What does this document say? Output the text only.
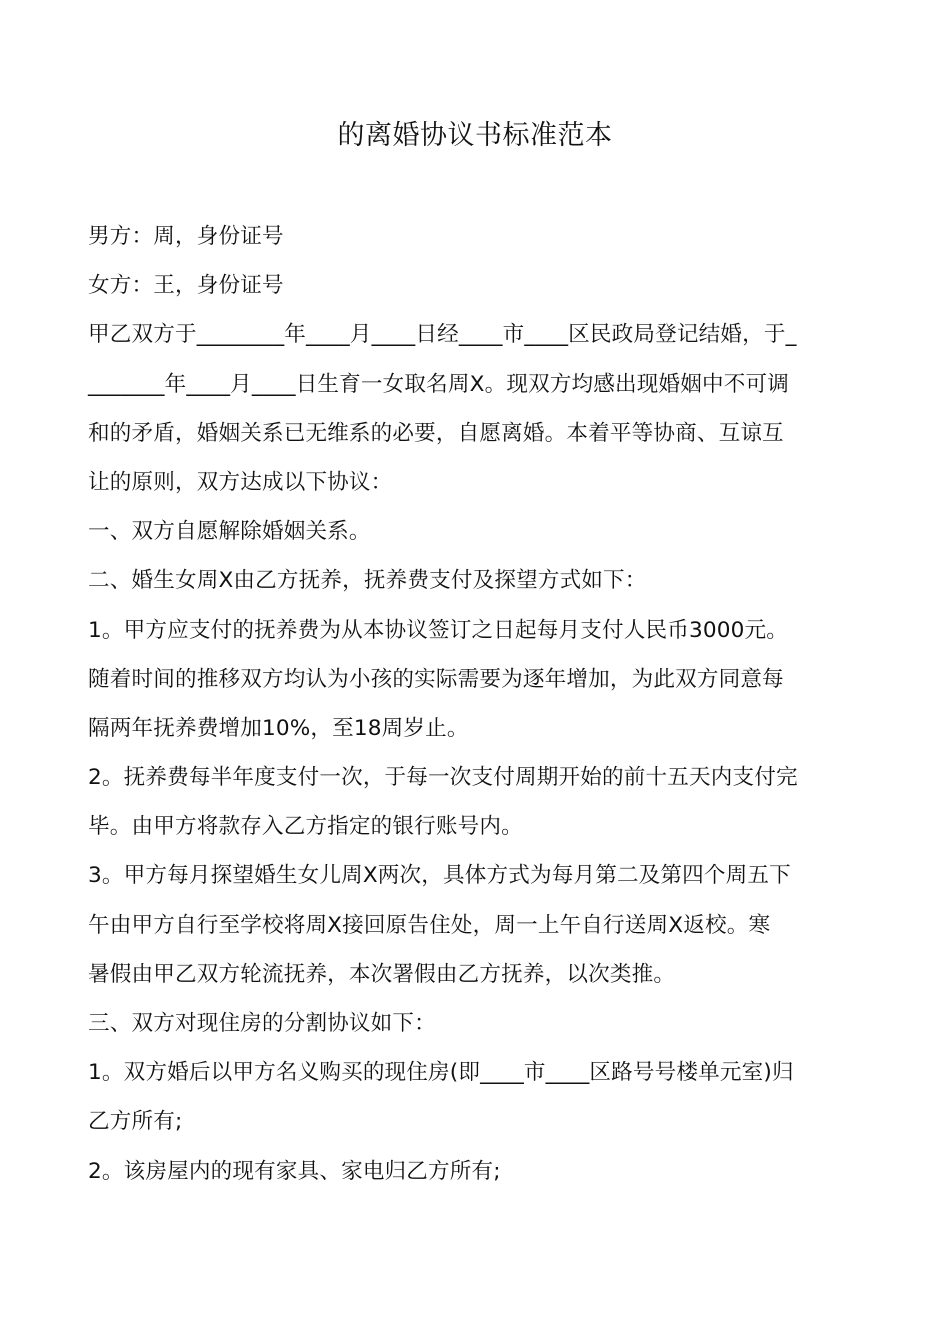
的离婚协议书标准范本
男方：周，身份证号
女方：王，身份证号
甲乙双方于________年____月____日经____市____区民政局登记结婚，于_
_______年____月____日生育一女取名周X。现双方均感出现婚姻中不可调
和的矛盾，婚姻关系已无维系的必要，自愿离婚。本着平等协商、互谅互
让的原则，双方达成以下协议：
一、双方自愿解除婚姻关系。
二、婚生女周X由乙方抚养，抚养费支付及探望方式如下：
1。甲方应支付的抚养费为从本协议签订之日起每月支付人民币3000元。
随着时间的推移双方均认为小孩的实际需要为逐年增加，为此双方同意每
隔两年抚养费增加10%，至18周岁止。
2。抚养费每半年度支付一次，于每一次支付周期开始的前十五天内支付完
毕。由甲方将款存入乙方指定的银行账号内。
3。甲方每月探望婚生女儿周X两次，具体方式为每月第二及第四个周五下
午由甲方自行至学校将周X接回原告住处，周一上午自行送周X返校。寒
暑假由甲乙双方轮流抚养，本次署假由乙方抚养，以次类推。
三、双方对现住房的分割协议如下：
1。双方婚后以甲方名义购买的现住房(即____市____区路号号楼单元室)归
乙方所有;
2。该房屋内的现有家具、家电归乙方所有;
